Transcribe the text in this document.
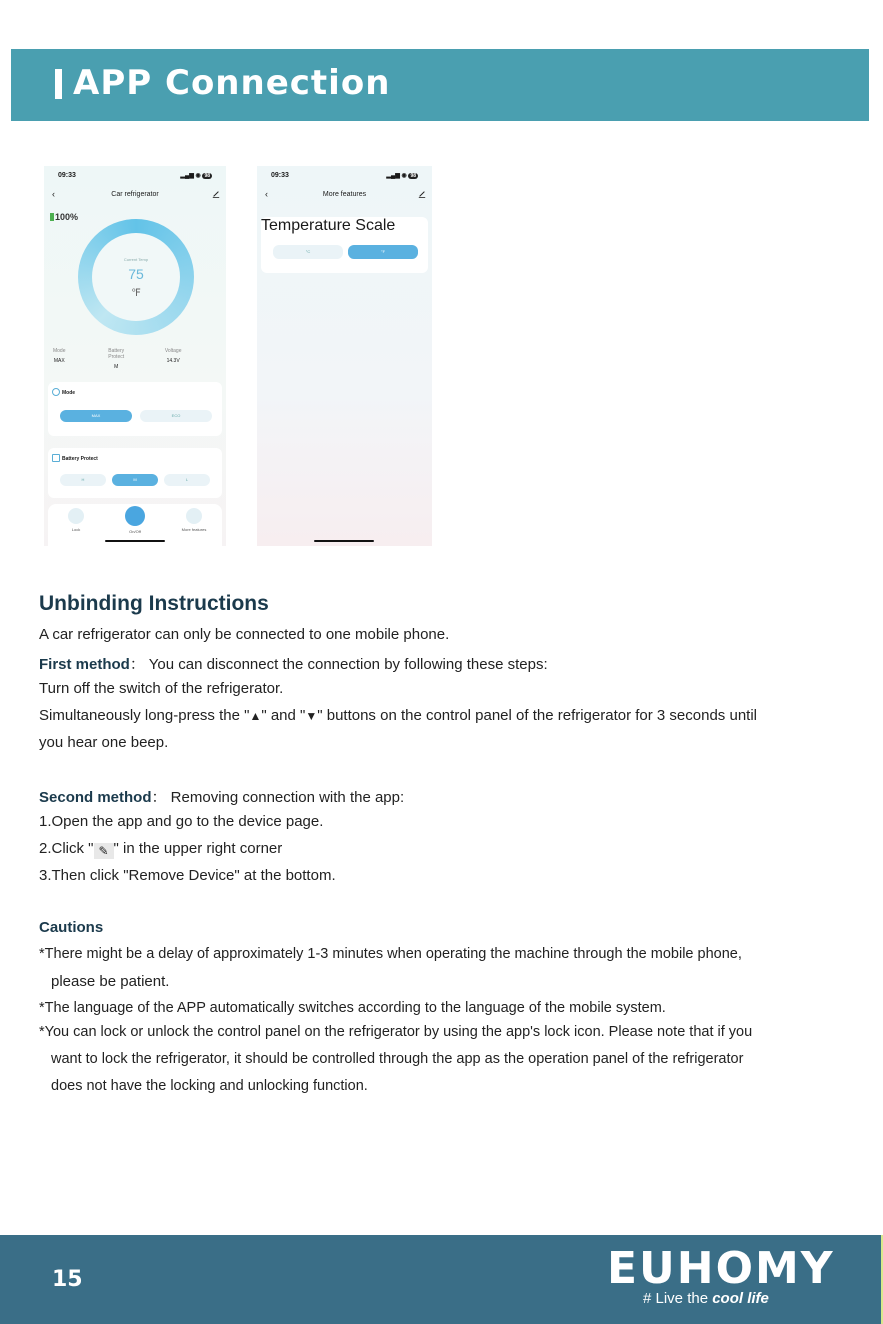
APP Connection
09:33	▂▄▆ ◉ 98
‹	Car refrigerator
100%
Current Temp
75
℉
Mode
MAX
Battery Protect
M
Voltage
14.3V
Mode
MAX	ECO
Battery Protect
H	M	L
Lock	On/Off	More features
09:33	▂▄▆ ◉ 98
‹	More features
Temperature Scale
°C	°F
Unbinding Instructions
A car refrigerator can only be connected to one mobile phone.
First method： You can disconnect the connection by following these steps:
Turn off the switch of the refrigerator.
Simultaneously long-press the "▲" and "▼" buttons on the control panel of the refrigerator for 3 seconds until
you hear one beep.
Second method： Removing connection with the app:
1.Open the app and go to the device page.
2.Click " ✎ " in the upper right corner
3.Then click "Remove Device" at the bottom.
Cautions
*There might be a delay of approximately 1-3 minutes when operating the machine through the mobile phone,
please be patient.
*The language of the APP automatically switches according to the language of the mobile system.
*You can lock or unlock the control panel on the refrigerator by using the app's lock icon. Please note that if you
want to lock the refrigerator, it should be controlled through the app as the operation panel of the refrigerator
does not have the locking and unlocking function.
15	EUHOMY
# Live the cool life
